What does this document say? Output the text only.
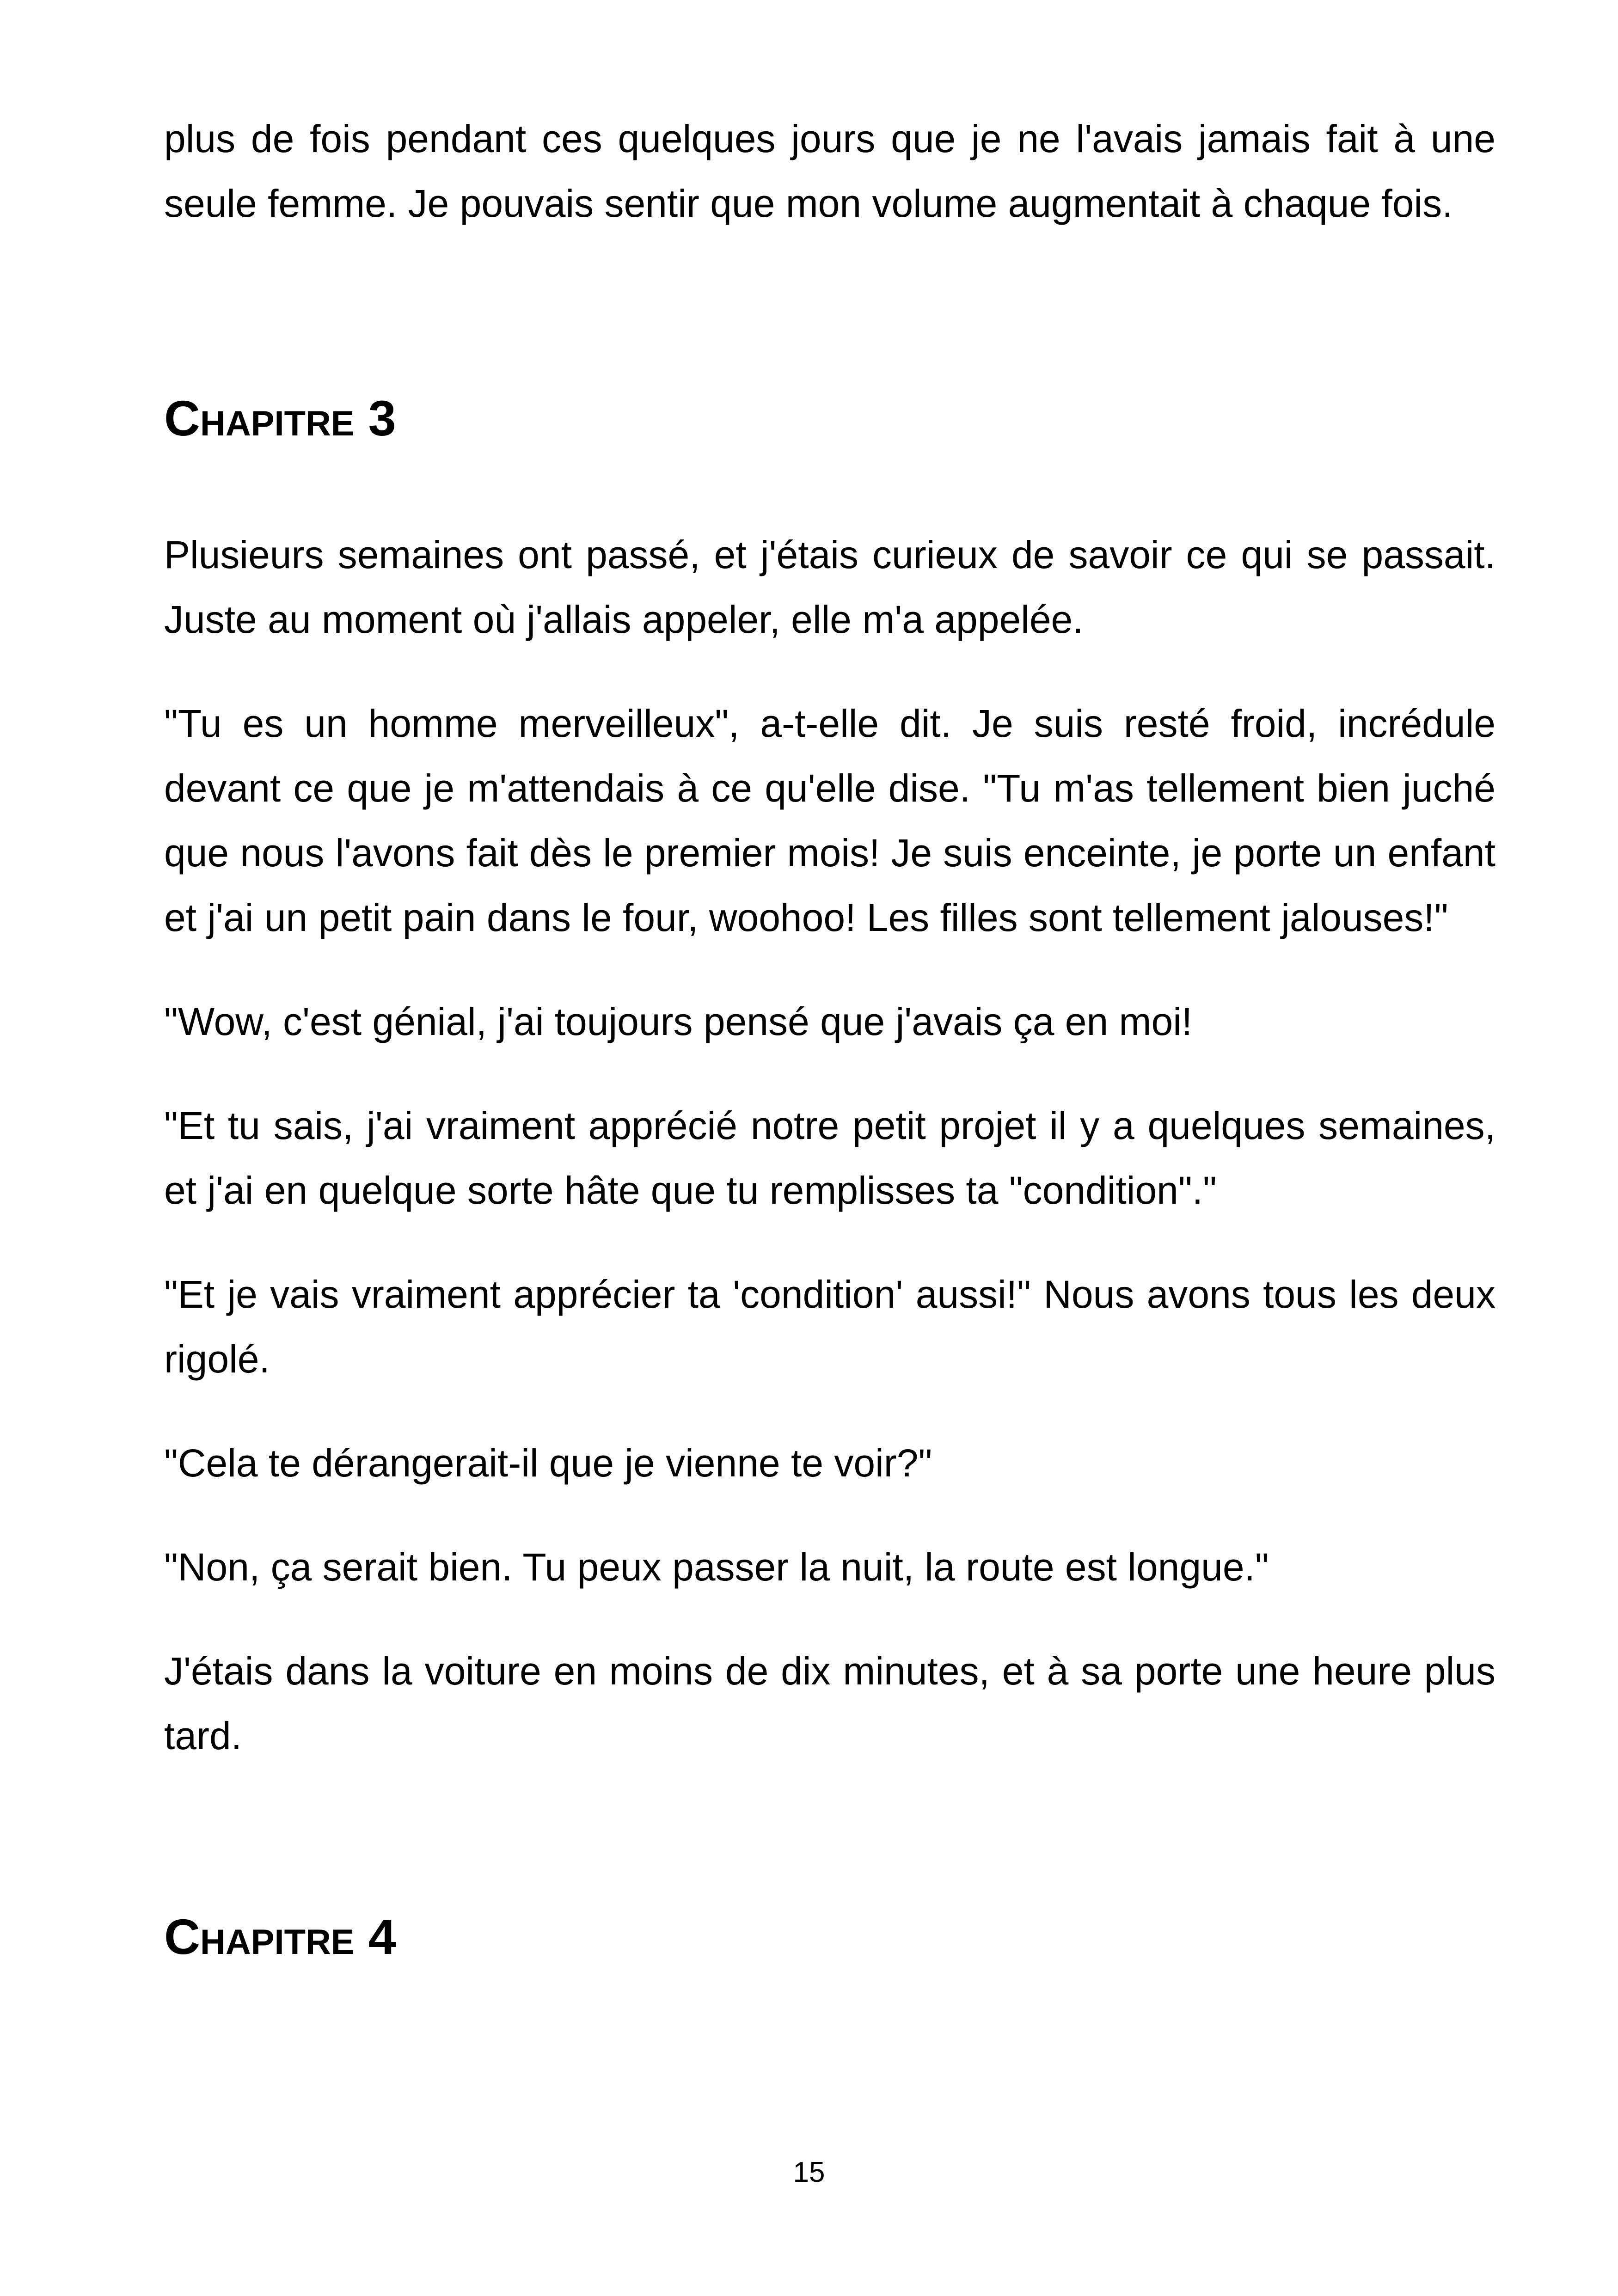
plus de fois pendant ces quelques jours que je ne l'avais jamais fait à une seule femme. Je pouvais sentir que mon volume augmentait à chaque fois.

Chapitre 3

Plusieurs semaines ont passé, et j'étais curieux de savoir ce qui se passait. Juste au moment où j'allais appeler, elle m'a appelée.

"Tu es un homme merveilleux", a-t-elle dit. Je suis resté froid, incrédule devant ce que je m'attendais à ce qu'elle dise. "Tu m'as tellement bien juché que nous l'avons fait dès le premier mois! Je suis enceinte, je porte un enfant et j'ai un petit pain dans le four, woohoo! Les filles sont tellement jalouses!"

"Wow, c'est génial, j'ai toujours pensé que j'avais ça en moi!

"Et tu sais, j'ai vraiment apprécié notre petit projet il y a quelques semaines, et j'ai en quelque sorte hâte que tu remplisses ta "condition"."

"Et je vais vraiment apprécier ta 'condition' aussi!" Nous avons tous les deux rigolé.

"Cela te dérangerait-il que je vienne te voir?"

"Non, ça serait bien. Tu peux passer la nuit, la route est longue."

J'étais dans la voiture en moins de dix minutes, et à sa porte une heure plus tard.

Chapitre 4
15
